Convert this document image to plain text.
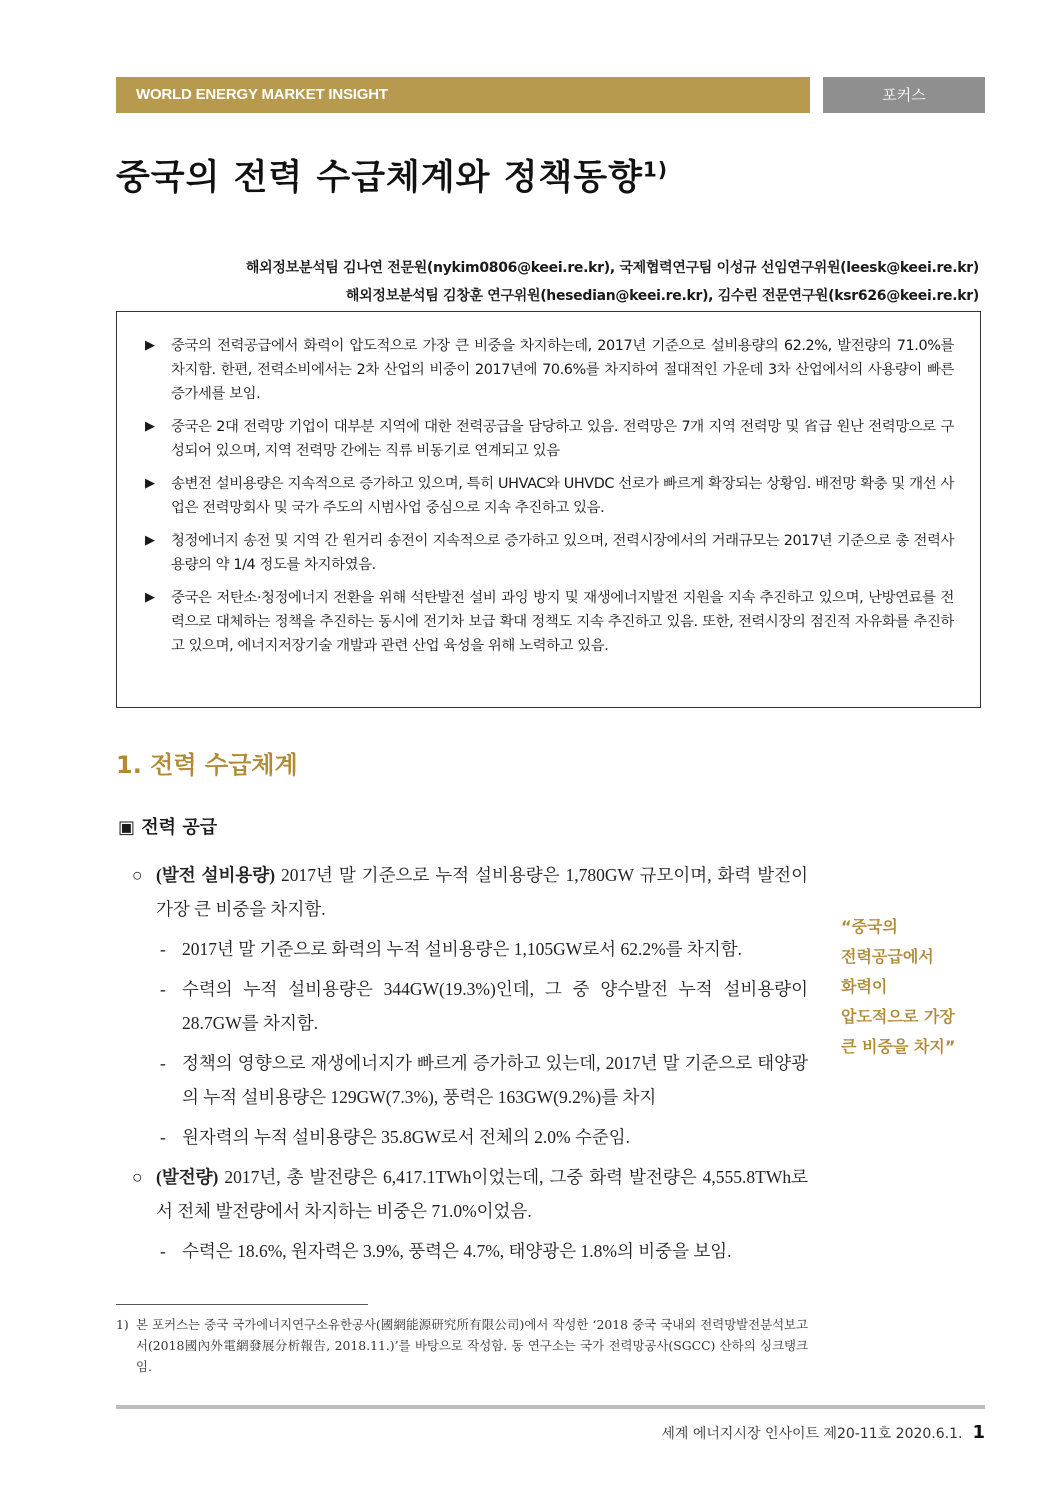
WORLD ENERGY MARKET INSIGHT	포커스
중국의 전력 수급체계와 정책동향$^{1)}$
해외정보분석팀 김나연 전문원(nykim0806@keei.re.kr), 국제협력연구팀 이성규 선임연구위원(leesk@keei.re.kr)
해외정보분석팀 김창훈 연구위원(hesedian@keei.re.kr), 김수린 전문연구원(ksr626@keei.re.kr)
▶ 중국의 전력공급에서 화력이 압도적으로 가장 큰 비중을 차지하는데, 2017년 기준으로 설비용량의 62.2%, 발전량의 71.0%를 차지함. 한편, 전력소비에서는 2차 산업의 비중이 2017년에 70.6%를 차지하여 절대적인 가운데 3차 산업에서의 사용량이 빠른 증가세를 보임.
▶ 중국은 2대 전력망 기업이 대부분 지역에 대한 전력공급을 담당하고 있음. 전력망은 7개 지역 전력망 및 省급 원난 전력망으로 구성되어 있으며, 지역 전력망 간에는 직류 비동기로 연계되고 있음
▶ 송변전 설비용량은 지속적으로 증가하고 있으며, 특히 UHVAC와 UHVDC 선로가 빠르게 확장되는 상황임. 배전망 확충 및 개선 사업은 전력망회사 및 국가 주도의 시범사업 중심으로 지속 추진하고 있음.
▶ 청정에너지 송전 및 지역 간 원거리 송전이 지속적으로 증가하고 있으며, 전력시장에서의 거래규모는 2017년 기준으로 총 전력사용량의 약 1/4 정도를 차지하였음.
▶ 중국은 저탄소·청정에너지 전환을 위해 석탄발전 설비 과잉 방지 및 재생에너지발전 지원을 지속 추진하고 있으며, 난방연료를 전력으로 대체하는 정책을 추진하는 동시에 전기차 보급 확대 정책도 지속 추진하고 있음. 또한, 전력시장의 점진적 자유화를 추진하고 있으며, 에너지저장기술 개발과 관련 산업 육성을 위해 노력하고 있음.
1. 전력 수급체계
▣ 전력 공급
○ (발전 설비용량) 2017년 말 기준으로 누적 설비용량은 1,780GW 규모이며, 화력 발전이 가장 큰 비중을 차지함.
- 2017년 말 기준으로 화력의 누적 설비용량은 1,105GW로서 62.2%를 차지함.
- 수력의 누적 설비용량은 344GW(19.3%)인데, 그 중 양수발전 누적 설비용량이 28.7GW를 차지함.
- 정책의 영향으로 재생에너지가 빠르게 증가하고 있는데, 2017년 말 기준으로 태양광의 누적 설비용량은 129GW(7.3%), 풍력은 163GW(9.2%)를 차지
- 원자력의 누적 설비용량은 35.8GW로서 전체의 2.0% 수준임.
○ (발전량) 2017년, 총 발전량은 6,417.1TWh이었는데, 그중 화력 발전량은 4,555.8TWh로서 전체 발전량에서 차지하는 비중은 71.0%이었음.
- 수력은 18.6%, 원자력은 3.9%, 풍력은 4.7%, 태양광은 1.8%의 비중을 보임.
“중국의
전력공급에서
화력이
압도적으로 가장
큰 비중을 차지”
1) 본 포커스는 중국 국가에너지연구소유한공사(國網能源研究所有限公司)에서 작성한 ‘2018 중국 국내외 전력망발전분석보고서(2018國內外電網發展分析報告, 2018.11.)’를 바탕으로 작성함. 동 연구소는 국가 전력망공사(SGCC) 산하의 싱크탱크임.
세계 에너지시장 인사이트 제20-11호 2020.6.1. 1
